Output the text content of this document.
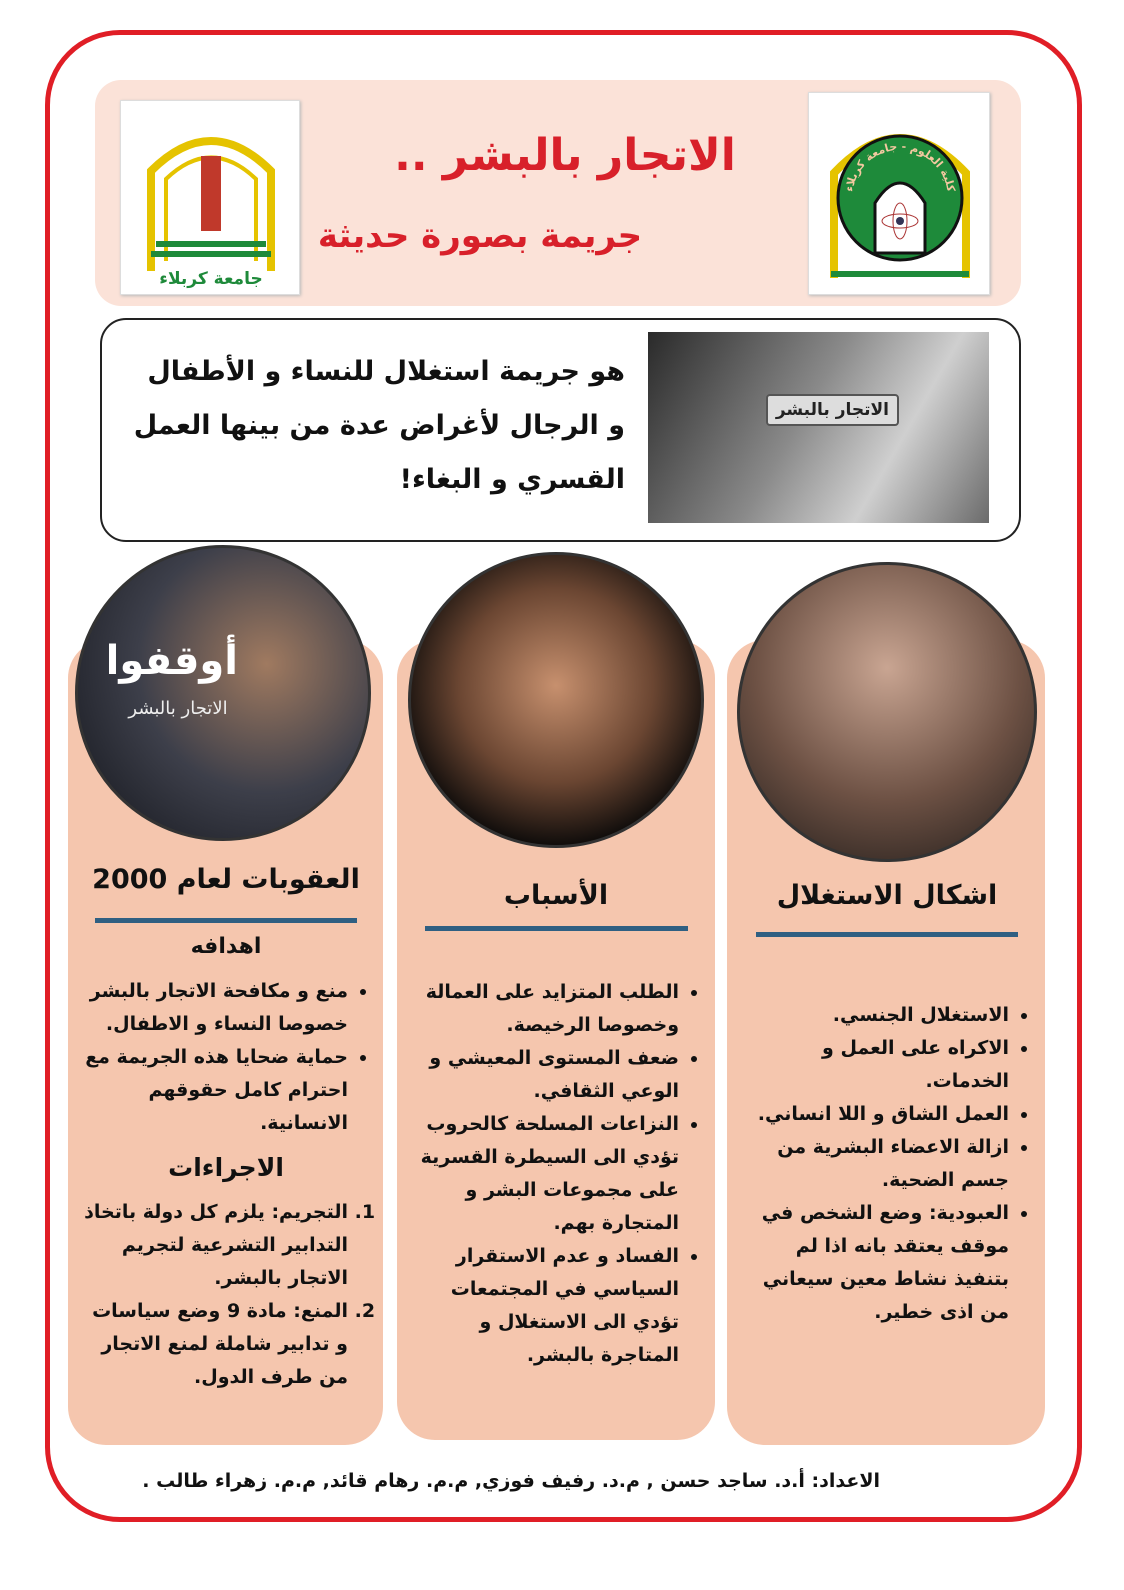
جامعة كربلاء
كلية العلوم - جامعة كربلاء
الاتجار بالبشر ..
جريمة بصورة حديثة
هو جريمة استغلال للنساء و الأطفال و الرجال لأغراض عدة من بينها العمل القسري و البغاء!
الاتجار بالبشر
اشكال الاستغلال
• الاستغلال الجنسي.
• الاكراه على العمل و الخدمات.
• العمل الشاق و اللا انساني.
• ازالة الاعضاء البشرية من جسم الضحية.
• العبودية: وضع الشخص في موقف يعتقد بانه اذا لم بتنفيذ نشاط معين سيعاني من اذى خطير.
الأسباب
• الطلب المتزايد على العمالة وخصوصا الرخيصة.
• ضعف المستوى المعيشي و الوعي الثقافي.
• النزاعات المسلحة كالحروب تؤدي الى السيطرة القسرية على مجموعات البشر و المتجارة بهم.
• الفساد و عدم الاستقرار السياسي في المجتمعات تؤدي الى الاستغلال و المتاجرة بالبشر.
أوقفوا
الاتجار بالبشر
العقوبات لعام 2000
اهدافه
• منع و مكافحة الاتجار بالبشر خصوصا النساء و الاطفال.
• حماية ضحايا هذه الجريمة مع احترام كامل حقوقهم الانسانية.
الاجراءات
1. التجريم: يلزم كل دولة باتخاذ التدابير التشرعية لتجريم الاتجار بالبشر.
2. المنع: مادة 9 وضع سياسات و تدابير شاملة لمنع الاتجار من طرف الدول.
الاعداد: أ.د. ساجد حسن , م.د. رفيف فوزي, م.م. رهام قائد, م.م. زهراء طالب .
